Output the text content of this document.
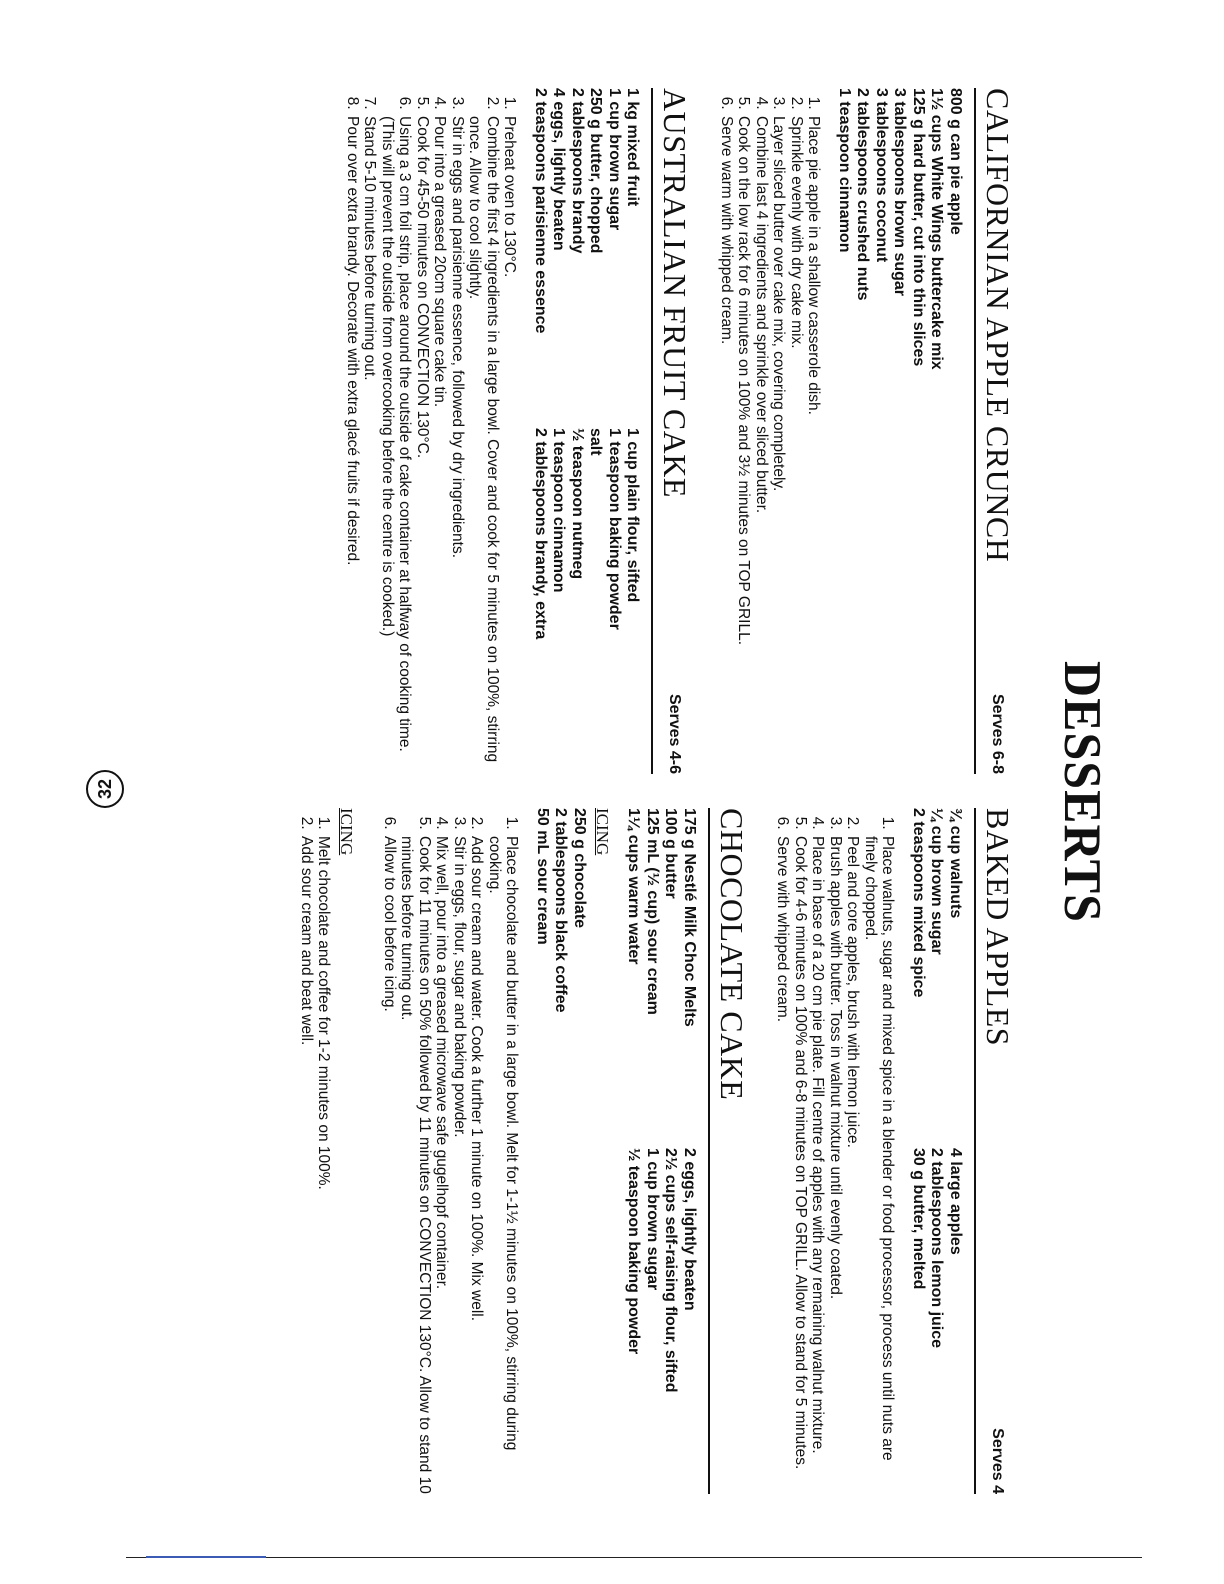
DESSERTS
CALIFORNIAN APPLE CRUNCH
Serves 6-8
800 g can pie apple
1½ cups White Wings buttercake mix
125 g hard butter, cut into thin slices
3 tablespoons brown sugar
3 tablespoons coconut
2 tablespoons crushed nuts
1 teaspoon cinnamon
1. Place pie apple in a shallow casserole dish.
2. Sprinkle evenly with dry cake mix.
3. Layer sliced butter over cake mix, covering completely.
4. Combine last 4 ingredients and sprinkle over sliced butter.
5. Cook on the low rack for 6 minutes on 100% and 3½ minutes on TOP GRILL.
6. Serve warm with whipped cream.
AUSTRALIAN FRUIT CAKE
Serves 4-6
1 kg mixed fruit
1 cup brown sugar
250 g butter, chopped
2 tablespoons brandy
4 eggs, lightly beaten
2 teaspoons parisienne essence
1 cup plain flour, sifted
1 teaspoon baking powder
salt
½ teaspoon nutmeg
1 teaspoon cinnamon
2 tablespoons brandy, extra
1. Preheat oven to 130°C.
2. Combine the first 4 ingredients in a large bowl. Cover and cook for 5 minutes on 100%, stirring once. Allow to cool slightly.
3. Stir in eggs and parisienne essence, followed by dry ingredients.
4. Pour into a greased 20cm square cake tin.
5. Cook for 45-50 minutes on CONVECTION 130°C.
6. Using a 3 cm foil strip, place around the outside of cake container at halfway of cooking time. (This will prevent the outside from overcooking before the centre is cooked.)
7. Stand 5-10 minutes before turning out.
8. Pour over extra brandy. Decorate with extra glacé fruits if desired.
BAKED APPLES
Serves 4
¾ cup walnuts
¼ cup brown sugar
2 teaspoons mixed spice
4 large apples
2 tablespoons lemon juice
30 g butter, melted
1. Place walnuts, sugar and mixed spice in a blender or food processor, process until nuts are finely chopped.
2. Peel and core apples, brush with lemon juice.
3. Brush apples with butter. Toss in walnut mixture until evenly coated.
4. Place in base of a 20 cm pie plate. Fill centre of apples with any remaining walnut mixture.
5. Cook for 4-6 minutes on 100% and 6-8 minutes on TOP GRILL. Allow to stand for 5 minutes.
6. Serve with whipped cream.
CHOCOLATE CAKE
175 g Nestlé Milk Choc Melts
100 g butter
125 mL (½ cup) sour cream
1¼ cups warm water
2 eggs, lightly beaten
2½ cups self-raising flour, sifted
1 cup brown sugar
½ teaspoon baking powder
ICING
250 g chocolate
2 tablespoons black coffee
50 mL sour cream
1. Place chocolate and butter in a large bowl. Melt for 1-1½ minutes on 100%, stirring during cooking.
2. Add sour cream and water. Cook a further 1 minute on 100%. Mix well.
3. Stir in eggs, flour, sugar and baking powder.
4. Mix well, pour into a greased microwave safe gugelhopf container.
5. Cook for 11 minutes on 50% followed by 11 minutes on CONVECTION 130°C. Allow to stand 10 minutes before turning out.
6. Allow to cool before icing.
ICING
1. Melt chocolate and coffee for 1-2 minutes on 100%.
2. Add sour cream and beat well.
32
